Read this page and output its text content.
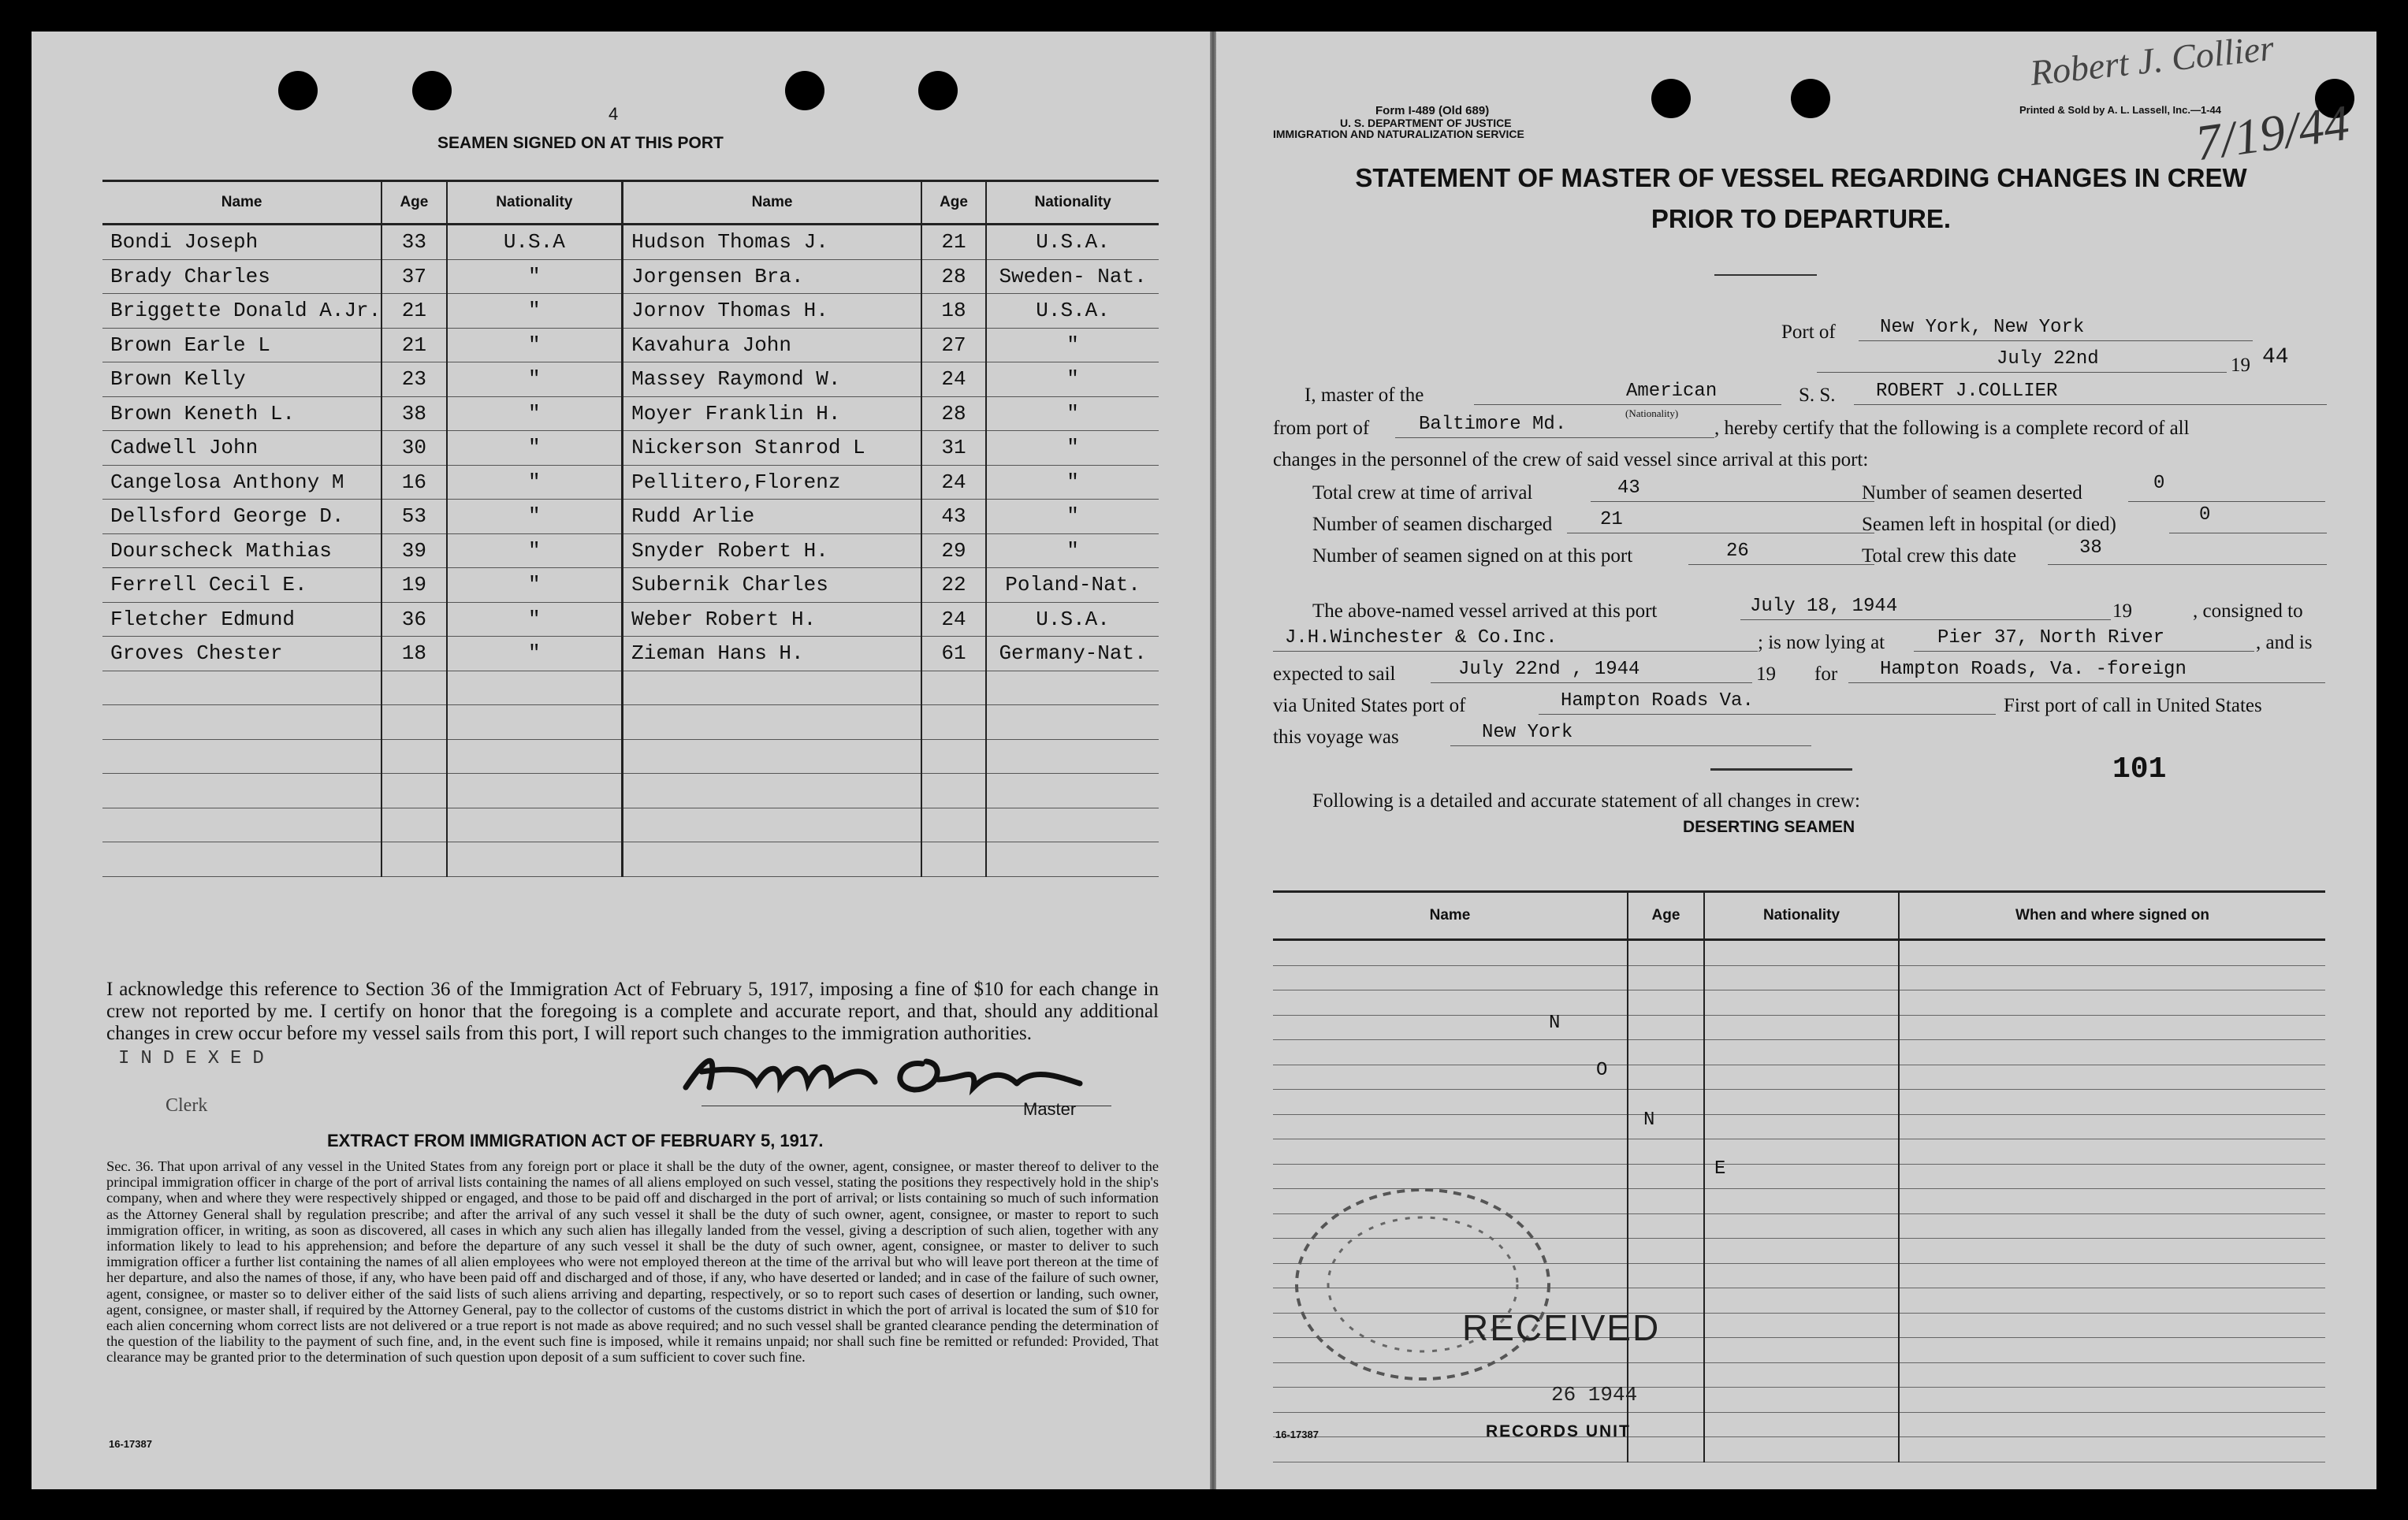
4
SEAMEN SIGNED ON AT THIS PORT
Name	Age	Nationality	Name	Age	Nationality
Bondi Joseph	33	U.S.A	Hudson Thomas J.	21	U.S.A.
Brady Charles	37	"	Jorgensen Bra.	28	Sweden- Nat.
Briggette Donald A.Jr.	21	"	Jornov Thomas H.	18	U.S.A.
Brown Earle L	21	"	Kavahura John	27	"
Brown Kelly	23	"	Massey Raymond W.	24	"
Brown Keneth L.	38	"	Moyer Franklin H.	28	"
Cadwell John	30	"	Nickerson Stanrod L	31	"
Cangelosa Anthony M	16	"	Pellitero,Florenz	24	"
Dellsford George D.	53	"	Rudd Arlie	43	"
Dourscheck Mathias	39	"	Snyder Robert H.	29	"
Ferrell Cecil E.	19	"	Subernik Charles	22	Poland-Nat.
Fletcher Edmund	36	"	Weber Robert H.	24	U.S.A.
Groves Chester	18	"	Zieman Hans H.	61	Germany-Nat.

I acknowledge this reference to Section 36 of the Immigration Act of February 5, 1917, imposing a fine of $10 for each change in crew not reported by me. I certify on honor that the foregoing is a complete and accurate report, and that, should any additional changes in crew occur before my vessel sails from this port, I will report such changes to the immigration authorities.
INDEXED
Clerk	Master
EXTRACT FROM IMMIGRATION ACT OF FEBRUARY 5, 1917.
Sec. 36. That upon arrival of any vessel in the United States from any foreign port or place it shall be the duty of the owner, agent, consignee, or master thereof to deliver to the principal immigration officer in charge of the port of arrival lists containing the names of all aliens employed on such vessel, stating the positions they respectively hold in the ship's company, when and where they were respectively shipped or engaged, and those to be paid off and discharged in the port of arrival; or lists containing so much of such information as the Attorney General shall by regulation prescribe; and after the arrival of any such vessel it shall be the duty of such owner, agent, consignee, or master to report to such immigration officer, in writing, as soon as discovered, all cases in which any such alien has illegally landed from the vessel, giving a description of such alien, together with any information likely to lead to his apprehension; and before the departure of any such vessel it shall be the duty of such owner, agent, consignee, or master to deliver to such immigration officer a further list containing the names of all alien employees who were not employed thereon at the time of the arrival but who will leave port thereon at the time of her departure, and also the names of those, if any, who have been paid off and discharged and of those, if any, who have deserted or landed; and in case of the failure of such owner, agent, consignee, or master so to deliver either of the said lists of such aliens arriving and departing, respectively, or so to report such cases of desertion or landing, such owner, agent, consignee, or master shall, if required by the Attorney General, pay to the collector of customs of the customs district in which the port of arrival is located the sum of $10 for each alien concerning whom correct lists are not delivered or a true report is not made as above required; and no such vessel shall be granted clearance pending the determination of the question of the liability to the payment of such fine, and, in the event such fine is imposed, while it remains unpaid; nor shall such fine be remitted or refunded: Provided, That clearance may be granted prior to the determination of such question upon deposit of a sum sufficient to cover such fine.
16-17387
Form I-489 (Old 689)
U. S. DEPARTMENT OF JUSTICE
IMMIGRATION AND NATURALIZATION SERVICE
Printed & Sold by A. L. Lassell, Inc.—1-44
Robert J. Collier
7/19/44
STATEMENT OF MASTER OF VESSEL REGARDING CHANGES IN CREW
PRIOR TO DEPARTURE.
Port of New York, New York
July 22nd	19 44
I, master of the	American
(Nationality)
S. S. ROBERT J.COLLIER
from port of	Baltimore Md.	, hereby certify that the following is a complete record of all
changes in the personnel of the crew of said vessel since arrival at this port:
Total crew at time of arrival	43	Number of seamen deserted	0
Number of seamen discharged	21	Seamen left in hospital (or died)	0
Number of seamen signed on at this port	26	Total crew this date	38
The above-named vessel arrived at this port	July 18, 1944	19	, consigned to
J.H.Winchester & Co.Inc.	; is now lying at	Pier 37, North River	, and is
expected to sail	July 22nd , 1944	19 for Hampton Roads, Va. -foreign
via United States port of	Hampton Roads Va.	First port of call in United States
this voyage was	New York
101
Following is a detailed and accurate statement of all changes in crew:
DESERTING SEAMEN
Name	Age	Nationality	When and where signed on

N
O
N
E
RECEIVED
26 1944
16-17387	RECORDS UNIT
